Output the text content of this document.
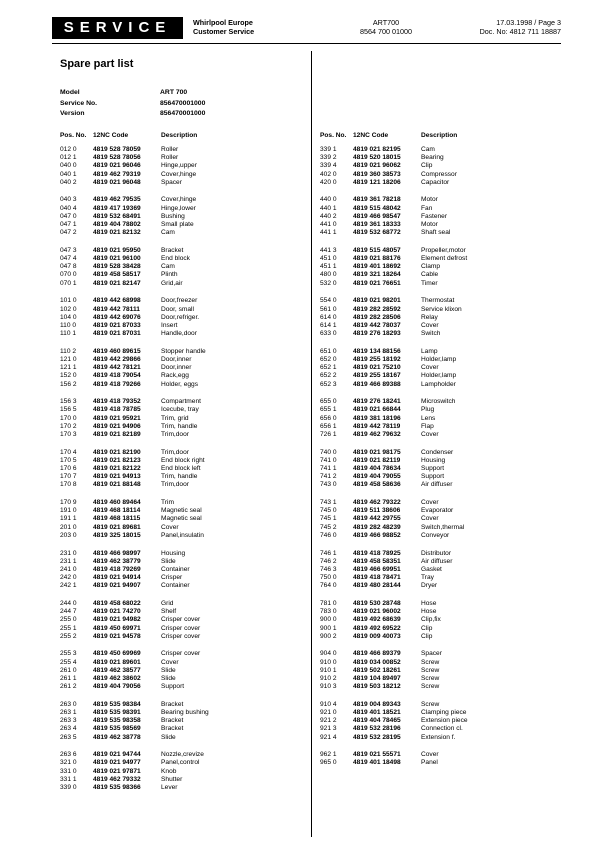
SERVICE	Whirlpool Europe
Customer Service
ART700
8564 700 01000
17.03.1998 / Page 3
Doc. No: 4812 711 18887
Spare part list
Model	ART 700
Service No.	856470001000
Version	856470001000
Pos. No. 12NC Code	Description
012 0 4819 528 78059	Roller
012 1 4819 528 78056	Roller
040 0 4819 021 96046	Hinge,upper
040 1 4819 462 79319	Cover,hinge
040 2 4819 021 96048	Spacer
040 3 4819 462 79535	Cover,hinge
040 4 4819 417 19369	Hinge,lower
047 0 4819 532 68491	Bushing
047 1 4819 404 78802	Small plate
047 2 4819 021 82132	Cam
047 3 4819 021 95950	Bracket
047 4 4819 021 96100	End block
047 8 4819 528 38428	Cam
070 0 4819 458 58517	Plinth
070 1 4819 021 82147	Grid,air
101 0 4819 442 68998	Door,freezer
102 0 4819 442 78111	Door, small
104 0 4819 442 69076	Door,refriger.
110 0	4819 021 87033	Insert
110 1	4819 021 87031	Handle,door
110 2	4819 460 89615	Stopper handle
121 0 4819 442 29866	Door,inner
121 1 4819 442 78121	Door,inner
152 0 4819 418 79054	Rack,egg
156 2 4819 418 79266	Holder, eggs
156 3 4819 418 79352	Compartment
156 5 4819 418 78785	Icecube, tray
170 0 4819 021 95921	Trim, grid
170 2 4819 021 94906	Trim, handle
170 3 4819 021 82189	Trim,door
170 4 4819 021 82190	Trim,door
170 5 4819 021 82123	End block right
170 6 4819 021 82122	End block left
170 7 4819 021 94913	Trim, handle
170 8 4819 021 88148	Trim,door
170 9 4819 460 89464	Trim
191 0 4819 468 18114	Magnetic seal
191 1 4819 468 18115	Magnetic seal
201 0 4819 021 89681	Cover
203 0 4819 325 18015	Panel,insulatin
231 0 4819 466 98997	Housing
231 1 4819 462 38779	Slide
241 0 4819 418 79269	Container
242 0 4819 021 94914	Crisper
242 1 4819 021 94907	Container
244 0 4819 458 68022	Grid
244 7 4819 021 74270	Shelf
255 0 4819 021 94982	Crisper cover
255 1 4819 450 69971	Crisper cover
255 2 4819 021 94578	Crisper cover
255 3 4819 450 69969	Crisper cover
255 4 4819 021 89601	Cover
261 0 4819 462 38577	Slide
261 1 4819 462 38602	Slide
261 2 4819 404 79056	Support
263 0 4819 535 98384	Bracket
263 1 4819 535 98391	Bearing bushing
263 3 4819 535 98358	Bracket
263 4 4819 535 98569	Bracket
263 5 4819 462 38778	Slide
263 6 4819 021 94744	Nozzle,crevize
321 0 4819 021 94977	Panel,control
331 0 4819 021 97871	Knob
331 1 4819 462 79332	Shutter
339 0 4819 535 98366	Lever
Pos. No. 12NC Code	Description
339 1 4819 021 82195	Cam
339 2 4819 520 18015	Bearing
339 4 4819 021 96062	Clip
402 0 4819 360 38573	Compressor
420 0 4819 121 18206	Capacitor
440 0 4819 361 78218	Motor
440 1 4819 515 48042	Fan
440 2 4819 466 98547	Fastener
441 0 4819 361 18333	Motor
441 1 4819 532 68772	Shaft seal
441 3 4819 515 48057	Propeller,motor
451 0 4819 021 88176	Element defrost
451 1 4819 401 18692	Clamp
480 0 4819 321 18264	Cable
532 0 4819 021 76651	Timer
554 0 4819 021 98201	Thermostat
561 0 4819 282 28592	Service klixon
614 0 4819 282 28506	Relay
614 1 4819 442 78037	Cover
633 0 4819 276 18293	Switch
651 0 4819 134 88156	Lamp
652 0 4819 255 18192	Holder,lamp
652 1 4819 021 75210	Cover
652 2 4819 255 18167	Holder,lamp
652 3 4819 466 89388	Lampholder
655 0 4819 276 18241	Microswitch
655 1 4819 021 66844	Plug
656 0 4819 381 18196	Lens
656 1 4819 442 78119	Flap
726 1 4819 462 79632	Cover
740 0 4819 021 98175	Condenser
741 0 4819 021 82119	Housing
741 1 4819 404 78634	Support
741 2 4819 404 79055	Support
743 0 4819 458 58636	Air diffuser
743 1 4819 462 79322	Cover
745 0 4819 511 38606	Evaporator
745 1 4819 442 29755	Cover
745 2 4819 282 48239	Switch,thermal
746 0 4819 466 98852	Conveyor
746 1 4819 418 78925	Distributor
746 2 4819 458 58351	Air diffuser
746 3 4819 466 69951	Gasket
750 0 4819 418 78471	Tray
764 0 4819 480 28144	Dryer
781 0 4819 530 28748	Hose
783 0 4819 021 96002	Hose
900 0 4819 492 68639	Clip,fix
900 1 4819 492 69522	Clip
900 2 4819 009 40073	Clip
904 0 4819 466 89379	Spacer
910 0 4819 034 00852	Screw
910 1 4819 502 18261	Screw
910 2 4819 104 89497	Screw
910 3 4819 503 18212	Screw
910 4 4819 004 89343	Screw
921 0 4819 401 18521	Clamping piece
921 2 4819 404 78465	Extension piece
921 3 4819 532 28196	Connection cl.
921 4 4819 532 28195	Extension f.
962 1 4819 021 55571	Cover
965 0 4819 401 18498	Panel
